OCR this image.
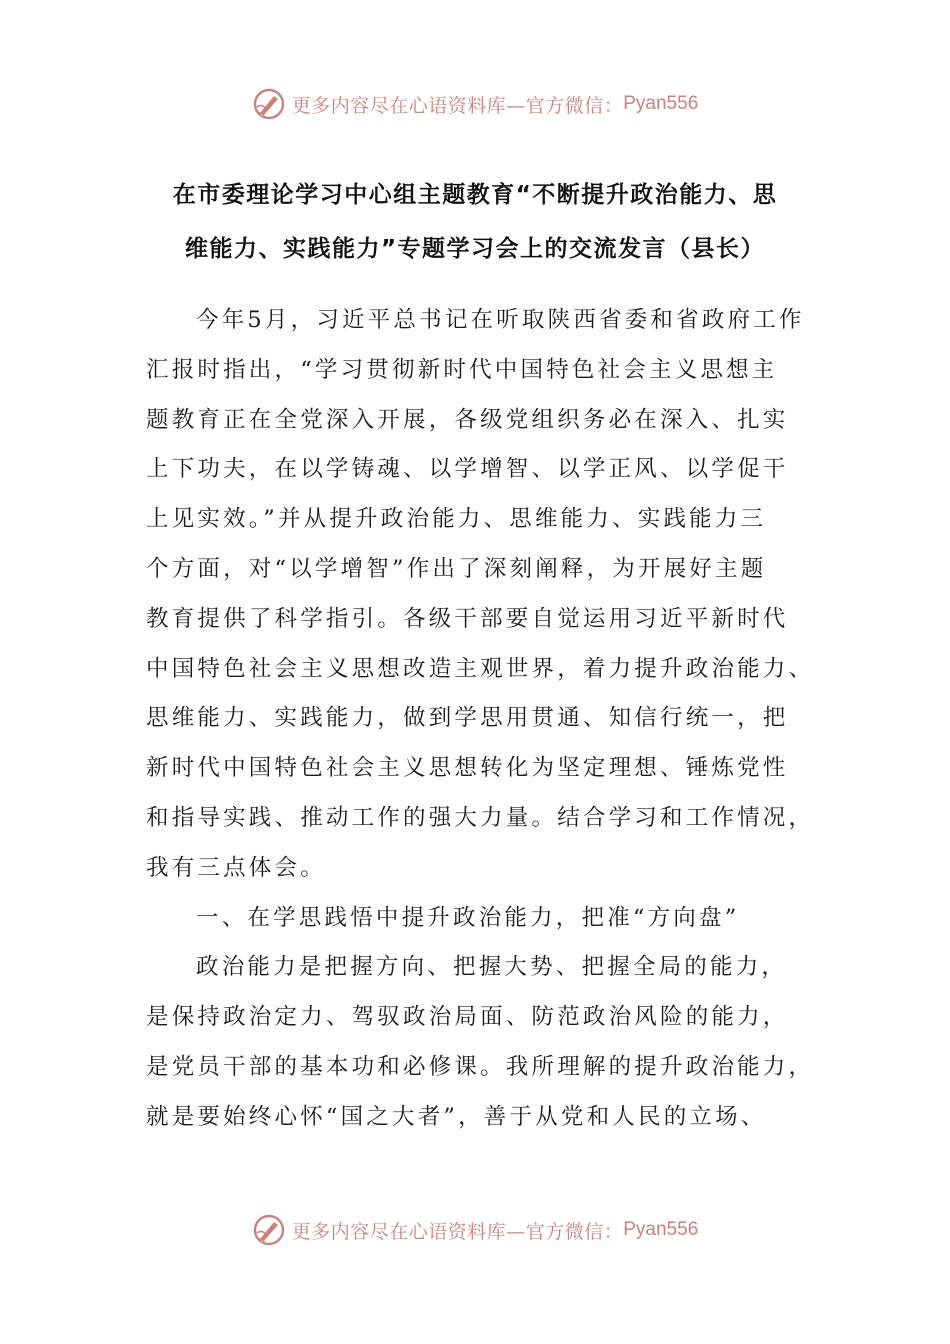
更多内容尽在心语资料库—官方微信： Pyan556
在市委理论学习中心组主题教育“不断提升政治能力、思
维能力、实践能力”专题学习会上的交流发言（县长）
今年5月，习近平总书记在听取陕西省委和省政府工作
汇报时指出，“学习贯彻新时代中国特色社会主义思想主
题教育正在全党深入开展，各级党组织务必在深入、扎实
上下功夫，在以学铸魂、以学增智、以学正风、以学促干
上见实效。”并从提升政治能力、思维能力、实践能力三
个方面，对“以学增智”作出了深刻阐释，为开展好主题
教育提供了科学指引。各级干部要自觉运用习近平新时代
中国特色社会主义思想改造主观世界，着力提升政治能力、
思维能力、实践能力，做到学思用贯通、知信行统一，把
新时代中国特色社会主义思想转化为坚定理想、锤炼党性
和指导实践、推动工作的强大力量。结合学习和工作情况，
我有三点体会。
一、在学思践悟中提升政治能力，把准“方向盘”
政治能力是把握方向、把握大势、把握全局的能力，
是保持政治定力、驾驭政治局面、防范政治风险的能力，
是党员干部的基本功和必修课。我所理解的提升政治能力，
就是要始终心怀“国之大者”，善于从党和人民的立场、
更多内容尽在心语资料库—官方微信： Pyan556
